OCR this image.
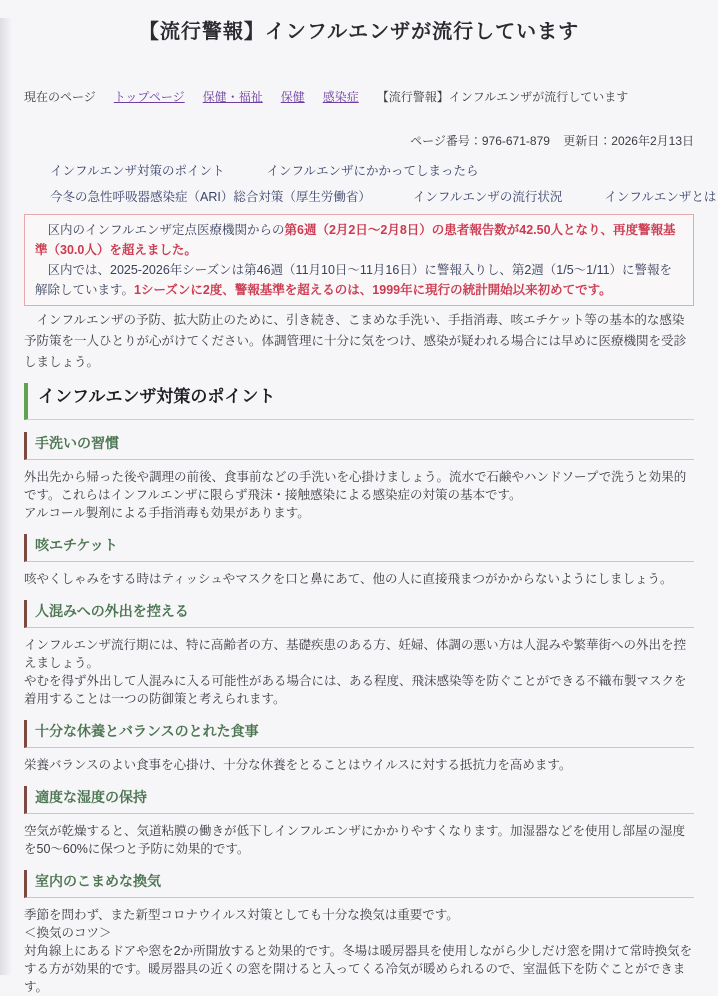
【流行警報】インフルエンザが流行しています
現在のページ トップページ 保健・福祉 保健 感染症 【流行警報】インフルエンザが流行しています
ページ番号：976-671-879 更新日：2026年2月13日
インフルエンザ対策のポイント	インフルエンザにかかってしまったら
今冬の急性呼吸器感染症（ARI）総合対策（厚生労働省）	インフルエンザの流行状況	インフルエンザとは

　区内のインフルエンザ定点医療機関からの第6週（2月2日～2月8日）の患者報告数が42.50人となり、再度警報基準（30.0人）を超えました。

　区内では、2025-2026年シーズンは第46週（11月10日～11月16日）に警報入りし、第2週（1/5～1/11）に警報を解除しています。1シーズンに2度、警報基準を超えるのは、1999年に現行の統計開始以来初めてです。

　インフルエンザの予防、拡大防止のために、引き続き、こまめな手洗い、手指消毒、咳エチケット等の基本的な感染予防策を一人ひとりが心がけてください。体調管理に十分に気をつけ、感染が疑われる場合には早めに医療機関を受診しましょう。

インフルエンザ対策のポイント
手洗いの習慣

外出先から帰った後や調理の前後、食事前などの手洗いを心掛けましょう。流水で石鹸やハンドソープで洗うと効果的です。これらはインフルエンザに限らず飛沫・接触感染による感染症の対策の基本です。

アルコール製剤による手指消毒も効果があります。

咳エチケット

咳やくしゃみをする時はティッシュやマスクを口と鼻にあて、他の人に直接飛まつがかからないようにしましょう。

人混みへの外出を控える

インフルエンザ流行期には、特に高齢者の方、基礎疾患のある方、妊婦、体調の悪い方は人混みや繁華街への外出を控えましょう。

やむを得ず外出して人混みに入る可能性がある場合には、ある程度、飛沫感染等を防ぐことができる不織布製マスクを着用することは一つの防御策と考えられます。

十分な休養とバランスのとれた食事

栄養バランスのよい食事を心掛け、十分な休養をとることはウイルスに対する抵抗力を高めます。

適度な湿度の保持

空気が乾燥すると、気道粘膜の働きが低下しインフルエンザにかかりやすくなります。加湿器などを使用し部屋の湿度を50～60%に保つと予防に効果的です。

室内のこまめな換気

季節を問わず、また新型コロナウイルス対策としても十分な換気は重要です。

＜換気のコツ＞

対角線上にあるドアや窓を2か所開放すると効果的です。冬場は暖房器具を使用しながら少しだけ窓を開けて常時換気をする方が効果的です。暖房器具の近くの窓を開けると入ってくる冷気が暖められるので、室温低下を防ぐことができます。
